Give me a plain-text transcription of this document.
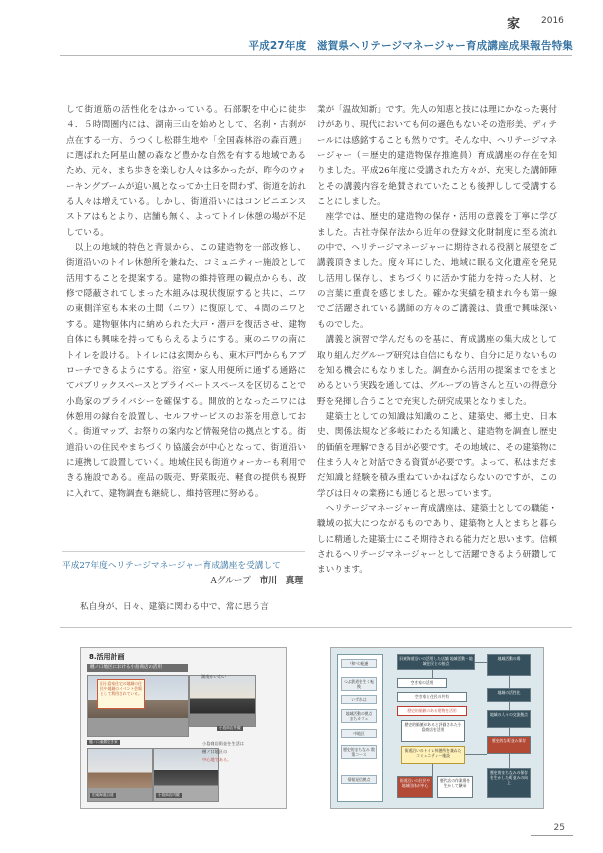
家 2016
平成27年度　滋賀県ヘリテージマネージャー育成講座成果報告特集

して街道筋の活性化をはかっている。石部駅を中心に徒歩４．５時間圏内には、湖南三山を始めとして、名刹・古刹が点在する一方、うつくし松群生地や「全国森林浴の森百選」に選ばれた阿星山麓の森など豊かな自然を有する地域であるため、元々、まち歩きを楽しむ人々は多かったが、昨今のウォーキングブームが追い風となってか土日を問わず、街道を訪れる人々は増えている。しかし、街道沿いにはコンビニエンスストアはもとより、店舗も無く、よってトイレ休憩の場が不足している。

以上の地域的特色と背景から、この建造物を一部改修し、街道沿いのトイレ休憩所を兼ねた、コミュニティー施設として活用することを提案する。建物の維持管理の観点からも、改修で隠蔽されてしまった木組みは現状復原すると共に、ニワの東側洋室も本来の土間（ニワ）に復原して、４間のニワとする。建物躯体内に納められた大戸・潜戸を復活させ、建物自体にも興味を持ってもらえるようにする。東のニワの南にトイレを設ける。トイレには玄関からも、東木戸門からもアプローチできるようにする。浴室・家人用便所に通ずる通路にてパブリックスペースとプライベートスペースを区切ることで小島家のプライバシーを確保する。開放的となったニワには休憩用の縁台を設置し、セルフサービスのお茶を用意しておく。街道マップ、お祭りの案内など情報発信の拠点とする。街道沿いの住民やまちづくり協議会が中心となって、街道沿いに連携して設置していく。地域住民も街道ウォーカーも利用できる施設である。産品の販売、野菜販売、軽食の提供も視野に入れて、建物調査も継続し、維持管理に努める。

平成27年度ヘリテージマネージャー育成講座を受講して
Aグループ 市川　真理
私自身が、日々、建築に関わる中で、常に思う言

業が「温故知新」です。先人の知恵と技には理にかなった裏付けがあり、現代においても何の遜色もないその造形美、ディテールには感銘することも然りです。そんな中、ヘリテージマネージャー（＝歴史的建造物保存推進員）育成講座の存在を知りました。平成26年度に受講された方々が、充実した講師陣とその講義内容を絶賛されていたことも後押しして受講することにしました。

座学では、歴史的建造物の保存・活用の意義を丁寧に学びました。古社寺保存法から近年の登録文化財制度に至る流れの中で、ヘリテージマネージャーに期待される役割と展望をご講義頂きました。度々耳にした、地域に眠る文化遺産を発見し活用し保存し、まちづくりに活かす能力を持った人材、との言葉に重責を感じました。確かな実績を積まれ今も第一線でご活躍されている講師の方々のご講義は、貴重で興味深いものでした。

講義と演習で学んだものを基に、育成講座の集大成として取り組んだグループ研究は自信にもなり、自分に足りないものを知る機会にもなりました。調査から活用の提案までをまとめるという実践を通しては、グループの皆さんと互いの得意分野を発揮し合うことで充実した研究成果となりました。

建築士としての知識は知識のこと、建築史、郷土史、日本史、関係法規など多岐にわたる知識と、建造物を調査し歴史的価値を理解できる目が必要です。その地域に、その建築物に住まう人々と対話できる資質が必要です。よって、私はまだまだ知識と経験を積み重ねていかねばならないのですが、この学びは日々の業務にも通じると思っています。

ヘリテージマネージャー育成講座は、建築士としての職能・職域の拡大につながるものであり、建築物と人とまちと暮らしに精通した建築士にこそ期待される能力だと思います。信頼されるヘリテージマネージャーとして活躍できるよう研鑽してまいります。

8.活用計画
樋ノ口地区における小島商店の活用
旧小島家住宅の地域の住民や地域のイベント会場として利用されている。
湖南かいわい
樋ノ口東側空き家
小島商店外観
旧東海道沿道	小島商店内観
小島商店街並を生活は
樋ノ口地区の
中心地である。
"和"の配慮
つぶ鉄道を生く転換
いずれは
地域活動の拠点　まちカフェ
中地区
歴史的まちなみ 散策コース
情報発信拠点
旧東海道沿いの活用した店舗 地域活動・地域住民との接点
空き家の活用
空き家と住民の共有
歴史的価値のある建物を活用
歴史的価値があると評価された小島商店を活用
街道沿いのトイレ休憩所を兼ねたコミュニティー施設
街道沿いの住民や地域団体が中心
歴代店の作業場を生かして継承
地域活動の場
地域の活性化
地域の人々の交流拠点
歴史的な町並み保存
歴史的まちなみの保存を生かした町並みの向上
25
